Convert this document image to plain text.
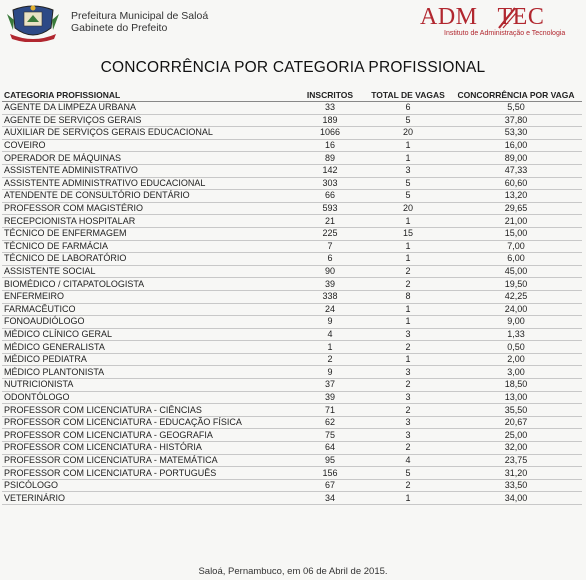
Prefeitura Municipal de Saloá
Gabinete do Prefeito	ADM TEC
Instituto de Administração e Tecnologia
CONCORRÊNCIA POR CATEGORIA PROFISSIONAL
CATEGORIA PROFISSIONAL	INSCRITOS	TOTAL DE VAGAS	CONCORRÊNCIA POR VAGA
AGENTE DA LIMPEZA URBANA	33	6	5,50
AGENTE DE SERVIÇOS GERAIS	189	5	37,80
AUXILIAR DE SERVIÇOS GERAIS EDUCACIONAL	1066	20	53,30
COVEIRO	16	1	16,00
OPERADOR DE MÁQUINAS	89	1	89,00
ASSISTENTE ADMINISTRATIVO	142	3	47,33
ASSISTENTE ADMINISTRATIVO EDUCACIONAL	303	5	60,60
ATENDENTE DE CONSULTÓRIO DENTÁRIO	66	5	13,20
PROFESSOR COM MAGISTÉRIO	593	20	29,65
RECEPCIONISTA HOSPITALAR	21	1	21,00
TÉCNICO DE ENFERMAGEM	225	15	15,00
TÉCNICO DE FARMÁCIA	7	1	7,00
TÉCNICO DE LABORATÓRIO	6	1	6,00
ASSISTENTE SOCIAL	90	2	45,00
BIOMÉDICO / CITAPATOLOGISTA	39	2	19,50
ENFERMEIRO	338	8	42,25
FARMACÊUTICO	24	1	24,00
FONOAUDIÓLOGO	9	1	9,00
MÉDICO CLÍNICO GERAL	4	3	1,33
MÉDICO GENERALISTA	1	2	0,50
MÉDICO PEDIATRA	2	1	2,00
MÉDICO PLANTONISTA	9	3	3,00
NUTRICIONISTA	37	2	18,50
ODONTÓLOGO	39	3	13,00
PROFESSOR COM LICENCIATURA - CIÊNCIAS	71	2	35,50
PROFESSOR COM LICENCIATURA - EDUCAÇÃO FÍSICA	62	3	20,67
PROFESSOR COM LICENCIATURA - GEOGRAFIA	75	3	25,00
PROFESSOR COM LICENCIATURA - HISTÓRIA	64	2	32,00
PROFESSOR COM LICENCIATURA - MATEMÁTICA	95	4	23,75
PROFESSOR COM LICENCIATURA - PORTUGUÊS	156	5	31,20
PSICÓLOGO	67	2	33,50
VETERINÁRIO	34	1	34,00
Saloá, Pernambuco, em 06 de Abril de 2015.
